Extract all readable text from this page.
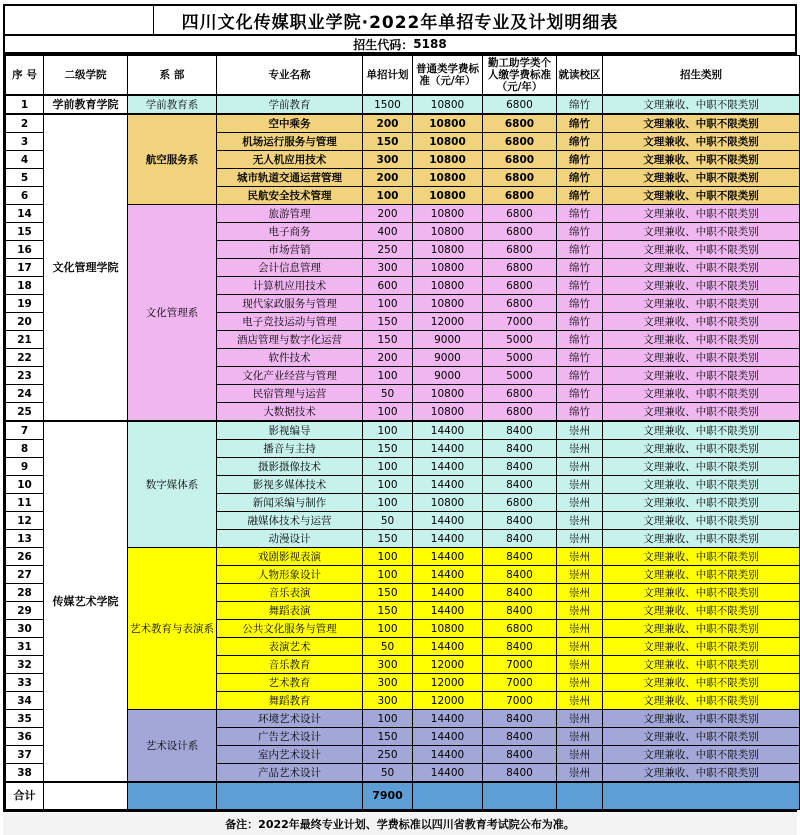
四川文化传媒职业学院·2022年单招专业及计划明细表
招生代码： 5188
序 号	二级学院	系 部	专业名称	单招计划	普通类学费标准（元/年）	勤工助学类个人缴学费标准（元/年）	就读校区	招生类别
1	学前教育学院	学前教育系	学前教育	1500	10800	6800	绵竹	文理兼收、中职不限类别
2	文化管理学院	航空服务系	空中乘务	200	10800	6800	绵竹	文理兼收、中职不限类别
3			机场运行服务与管理	150	10800	6800	绵竹	文理兼收、中职不限类别
4			无人机应用技术	300	10800	6800	绵竹	文理兼收、中职不限类别
5			城市轨道交通运营管理	200	10800	6800	绵竹	文理兼收、中职不限类别
6			民航安全技术管理	100	10800	6800	绵竹	文理兼收、中职不限类别
14		文化管理系	旅游管理	200	10800	6800	绵竹	文理兼收、中职不限类别
15			电子商务	400	10800	6800	绵竹	文理兼收、中职不限类别
16			市场营销	250	10800	6800	绵竹	文理兼收、中职不限类别
17			会计信息管理	300	10800	6800	绵竹	文理兼收、中职不限类别
18			计算机应用技术	600	10800	6800	绵竹	文理兼收、中职不限类别
19			现代家政服务与管理	100	10800	6800	绵竹	文理兼收、中职不限类别
20			电子竞技运动与管理	150	12000	7000	绵竹	文理兼收、中职不限类别
21			酒店管理与数字化运营	150	9000	5000	绵竹	文理兼收、中职不限类别
22			软件技术	200	9000	5000	绵竹	文理兼收、中职不限类别
23			文化产业经营与管理	100	9000	5000	绵竹	文理兼收、中职不限类别
24			民宿管理与运营	50	10800	6800	绵竹	文理兼收、中职不限类别
25			大数据技术	100	10800	6800	绵竹	文理兼收、中职不限类别
7	传媒艺术学院	数字媒体系	影视编导	100	14400	8400	崇州	文理兼收、中职不限类别
8			播音与主持	150	14400	8400	崇州	文理兼收、中职不限类别
9			摄影摄像技术	100	14400	8400	崇州	文理兼收、中职不限类别
10			影视多媒体技术	100	14400	8400	崇州	文理兼收、中职不限类别
11			新闻采编与制作	100	10800	6800	崇州	文理兼收、中职不限类别
12			融媒体技术与运营	50	14400	8400	崇州	文理兼收、中职不限类别
13			动漫设计	150	14400	8400	崇州	文理兼收、中职不限类别
26		艺术教育与表演系	戏剧影视表演	100	14400	8400	崇州	文理兼收、中职不限类别
27			人物形象设计	100	14400	8400	崇州	文理兼收、中职不限类别
28			音乐表演	150	14400	8400	崇州	文理兼收、中职不限类别
29			舞蹈表演	150	14400	8400	崇州	文理兼收、中职不限类别
30			公共文化服务与管理	100	10800	6800	崇州	文理兼收、中职不限类别
31			表演艺术	50	14400	8400	崇州	文理兼收、中职不限类别
32			音乐教育	300	12000	7000	崇州	文理兼收、中职不限类别
33			艺术教育	300	12000	7000	崇州	文理兼收、中职不限类别
34			舞蹈教育	300	12000	7000	崇州	文理兼收、中职不限类别
35		艺术设计系	环境艺术设计	100	14400	8400	崇州	文理兼收、中职不限类别
36			广告艺术设计	150	14400	8400	崇州	文理兼收、中职不限类别
37			室内艺术设计	250	14400	8400	崇州	文理兼收、中职不限类别
38			产品艺术设计	50	14400	8400	崇州	文理兼收、中职不限类别
合计				7900				
备注：2022年最终专业计划、学费标准以四川省教育考试院公布为准。
